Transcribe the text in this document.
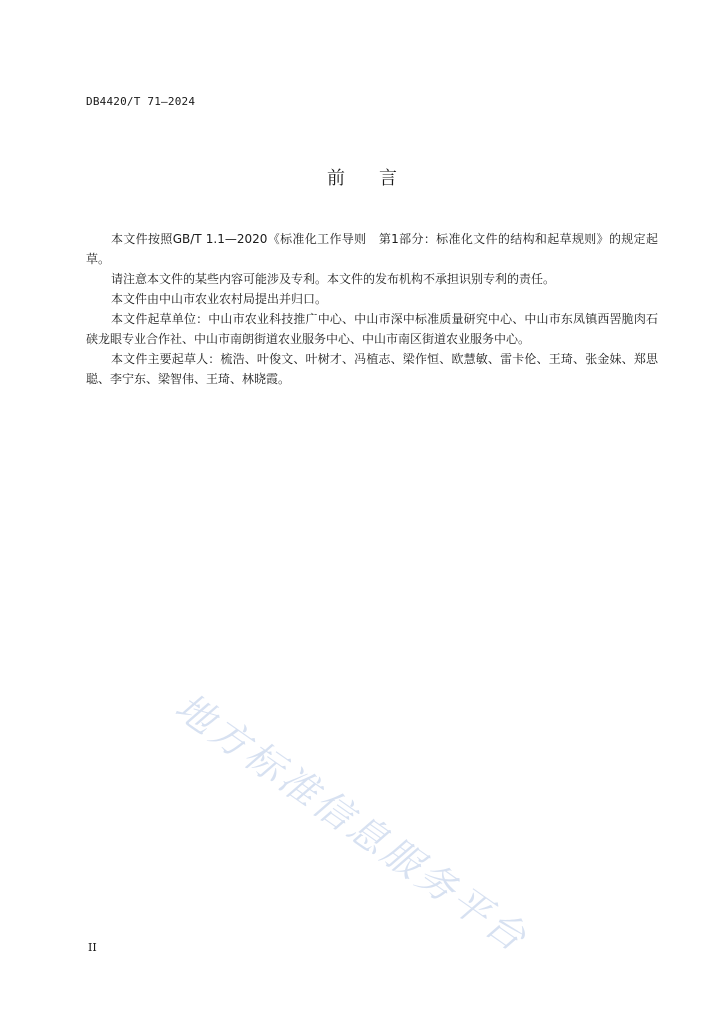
DB4420/T 71—2024
前 言

本文件按照GB/T 1.1—2020《标准化工作导则　第1部分：标准化文件的结构和起草规则》的规定起草。

请注意本文件的某些内容可能涉及专利。本文件的发布机构不承担识别专利的责任。

本文件由中山市农业农村局提出并归口。

本文件起草单位：中山市农业科技推广中心、中山市深中标准质量研究中心、中山市东凤镇西罟脆肉石硖龙眼专业合作社、中山市南朗街道农业服务中心、中山市南区街道农业服务中心。

本文件主要起草人：梳浩、叶俊文、叶树才、冯植志、梁作恒、欧慧敏、雷卡伦、王琦、张金妹、郑思聪、李宁东、梁智伟、王琦、林晓霞。

地方标准信息服务平台
II
